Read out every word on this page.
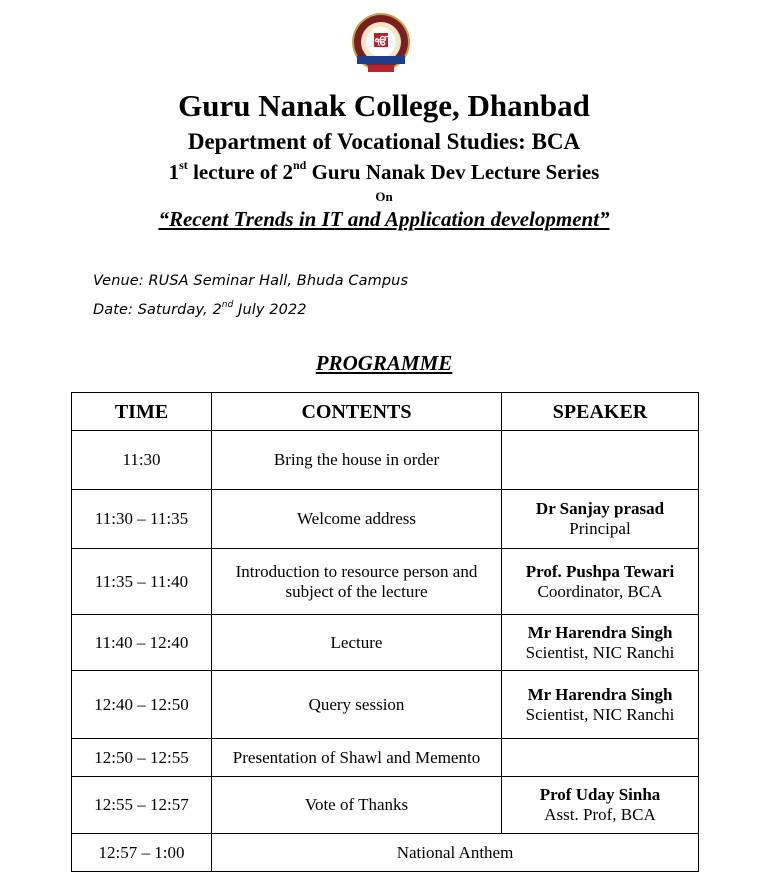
ੴ
Guru Nanak College, Dhanbad
Department of Vocational Studies: BCA
1st lecture of 2nd Guru Nanak Dev Lecture Series
On
“Recent Trends in IT and Application development”
Venue: RUSA Seminar Hall, Bhuda Campus
Date: Saturday, 2nd July 2022
PROGRAMME
TIME	CONTENTS	SPEAKER
11:30	Bring the house in order	

11:30 – 11:35	Welcome address	Dr Sanjay prasad
Principal

11:35 – 11:40	Introduction to resource person and subject of the lecture	Prof. Pushpa Tewari
Coordinator, BCA

11:40 – 12:40	Lecture	Mr Harendra Singh
Scientist, NIC Ranchi

12:40 – 12:50	Query session	Mr Harendra Singh
Scientist, NIC Ranchi

12:50 – 12:55	Presentation of Shawl and Memento	

12:55 – 12:57	Vote of Thanks	Prof Uday Sinha
Asst. Prof, BCA

12:57 – 1:00	National Anthem	
